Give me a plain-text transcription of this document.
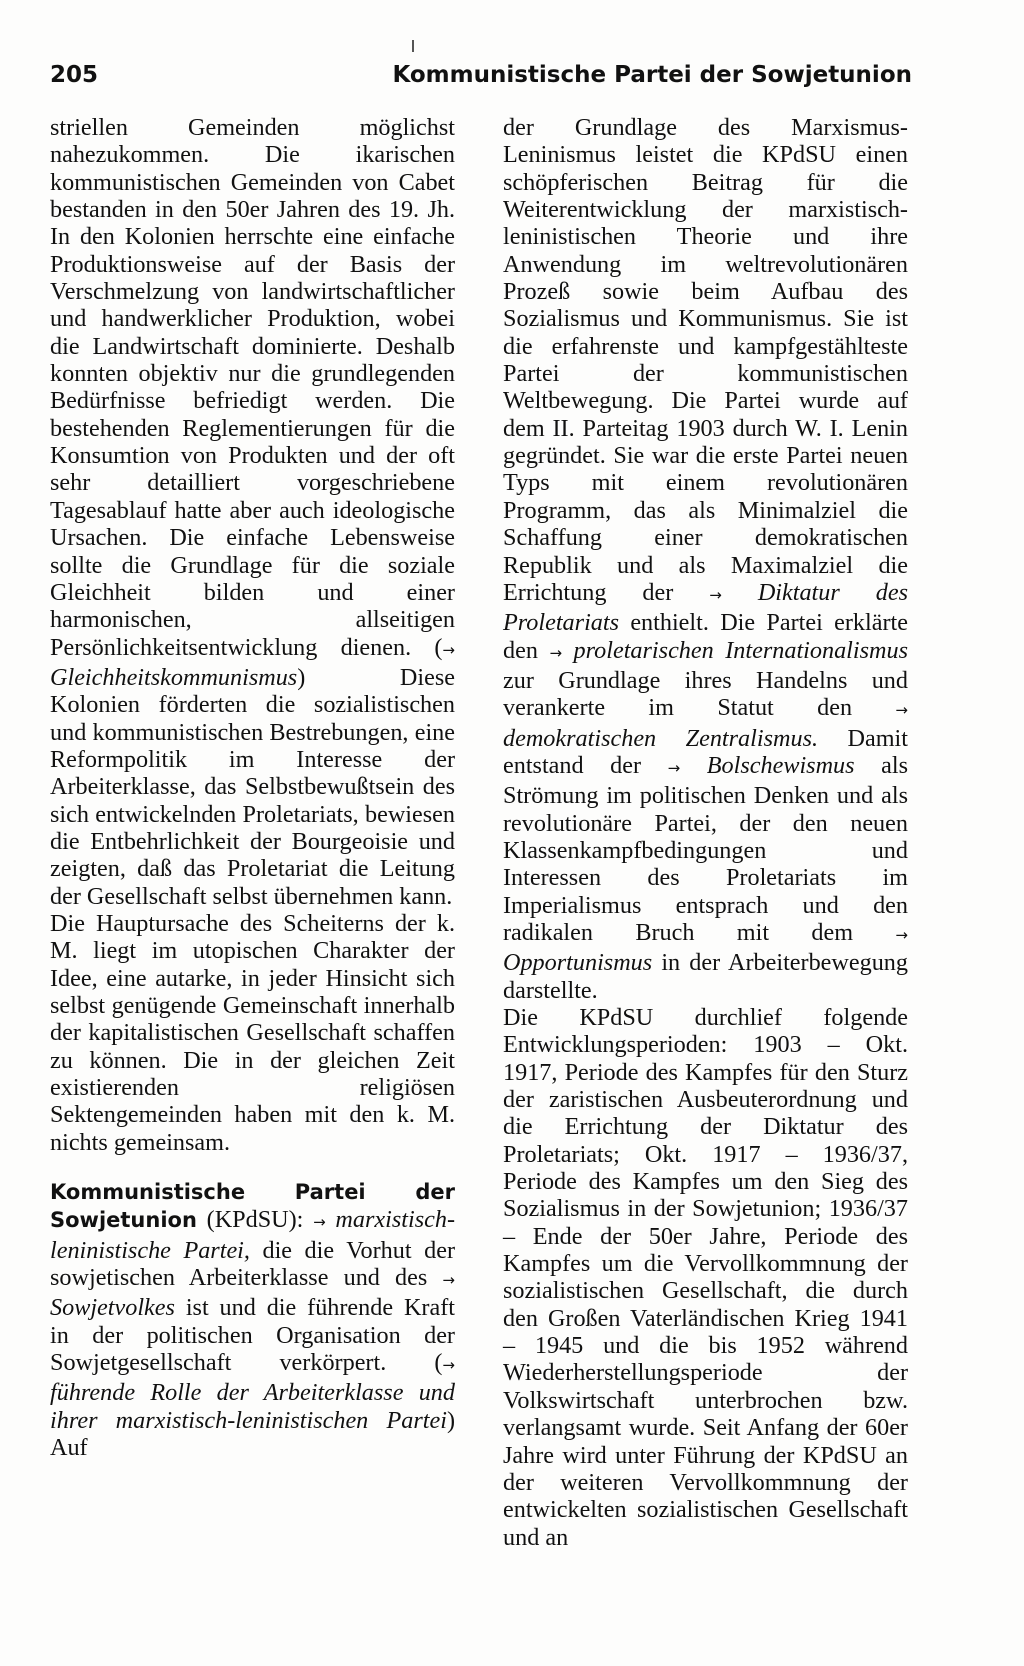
205	Kommunistische Partei der Sowjetunion

striellen Gemeinden möglichst nahezukommen. Die ikarischen kommunistischen Gemeinden von Cabet bestanden in den 50er Jahren des 19. Jh. In den Kolonien herrschte eine einfache Produktionsweise auf der Basis der Verschmelzung von landwirtschaftlicher und handwerklicher Produktion, wobei die Landwirtschaft dominierte. Deshalb konnten objektiv nur die grundlegenden Bedürfnisse befriedigt werden. Die bestehenden Reglementierungen für die Konsumtion von Produkten und der oft sehr detailliert vorgeschriebene Tagesablauf hatte aber auch ideologische Ursachen. Die einfache Lebensweise sollte die Grundlage für die soziale Gleichheit bilden und einer harmonischen, allseitigen Persönlichkeitsentwicklung dienen. (→ Gleichheitskommunismus) Diese Kolonien förderten die sozialistischen und kommunistischen Bestrebungen, eine Reformpolitik im Interesse der Arbeiterklasse, das Selbstbewußtsein des sich entwickelnden Proletariats, bewiesen die Entbehrlichkeit der Bourgeoisie und zeigten, daß das Proletariat die Leitung der Gesellschaft selbst übernehmen kann.

Die Hauptursache des Scheiterns der k. M. liegt im utopischen Charakter der Idee, eine autarke, in jeder Hinsicht sich selbst genügende Gemeinschaft innerhalb der kapitalistischen Gesellschaft schaffen zu können. Die in der gleichen Zeit existierenden religiösen Sektengemeinden haben mit den k. M. nichts gemeinsam.

Kommunistische Partei der Sowjetunion (KPdSU): → marxistisch-leninistische Partei, die die Vorhut der sowjetischen Arbeiterklasse und des → Sowjetvolkes ist und die führende Kraft in der politischen Organisation der Sowjetgesellschaft verkörpert. (→ führende Rolle der Arbeiterklasse und ihrer marxistisch-leninistischen Partei) Auf

der Grundlage des Marxismus-Leninismus leistet die KPdSU einen schöpferischen Beitrag für die Weiterentwicklung der marxistisch-leninistischen Theorie und ihre Anwendung im weltrevolutionären Prozeß sowie beim Aufbau des Sozialismus und Kommunismus. Sie ist die erfahrenste und kampfgestählteste Partei der kommunistischen Weltbewegung. Die Partei wurde auf dem II. Parteitag 1903 durch W. I. Lenin gegründet. Sie war die erste Partei neuen Typs mit einem revolutionären Programm, das als Minimalziel die Schaffung einer demokratischen Republik und als Maximalziel die Errichtung der → Diktatur des Proletariats enthielt. Die Partei erklärte den → proletarischen Internationalismus zur Grundlage ihres Handelns und verankerte im Statut den → demokratischen Zentralismus. Damit entstand der → Bolschewismus als Strömung im politischen Denken und als revolutionäre Partei, der den neuen Klassenkampfbedingungen und Interessen des Proletariats im Imperialismus entsprach und den radikalen Bruch mit dem → Opportunismus in der Arbeiterbewegung darstellte.

Die KPdSU durchlief folgende Entwicklungsperioden: 1903 – Okt. 1917, Periode des Kampfes für den Sturz der zaristischen Ausbeuterordnung und die Errichtung der Diktatur des Proletariats; Okt. 1917 – 1936/37, Periode des Kampfes um den Sieg des Sozialismus in der Sowjetunion; 1936/37 – Ende der 50er Jahre, Periode des Kampfes um die Vervollkommnung der sozialistischen Gesellschaft, die durch den Großen Vaterländischen Krieg 1941 – 1945 und die bis 1952 während Wiederherstellungsperiode der Volkswirtschaft unterbrochen bzw. verlangsamt wurde. Seit Anfang der 60er Jahre wird unter Führung der KPdSU an der weiteren Vervollkommnung der entwickelten sozialistischen Gesellschaft und an
